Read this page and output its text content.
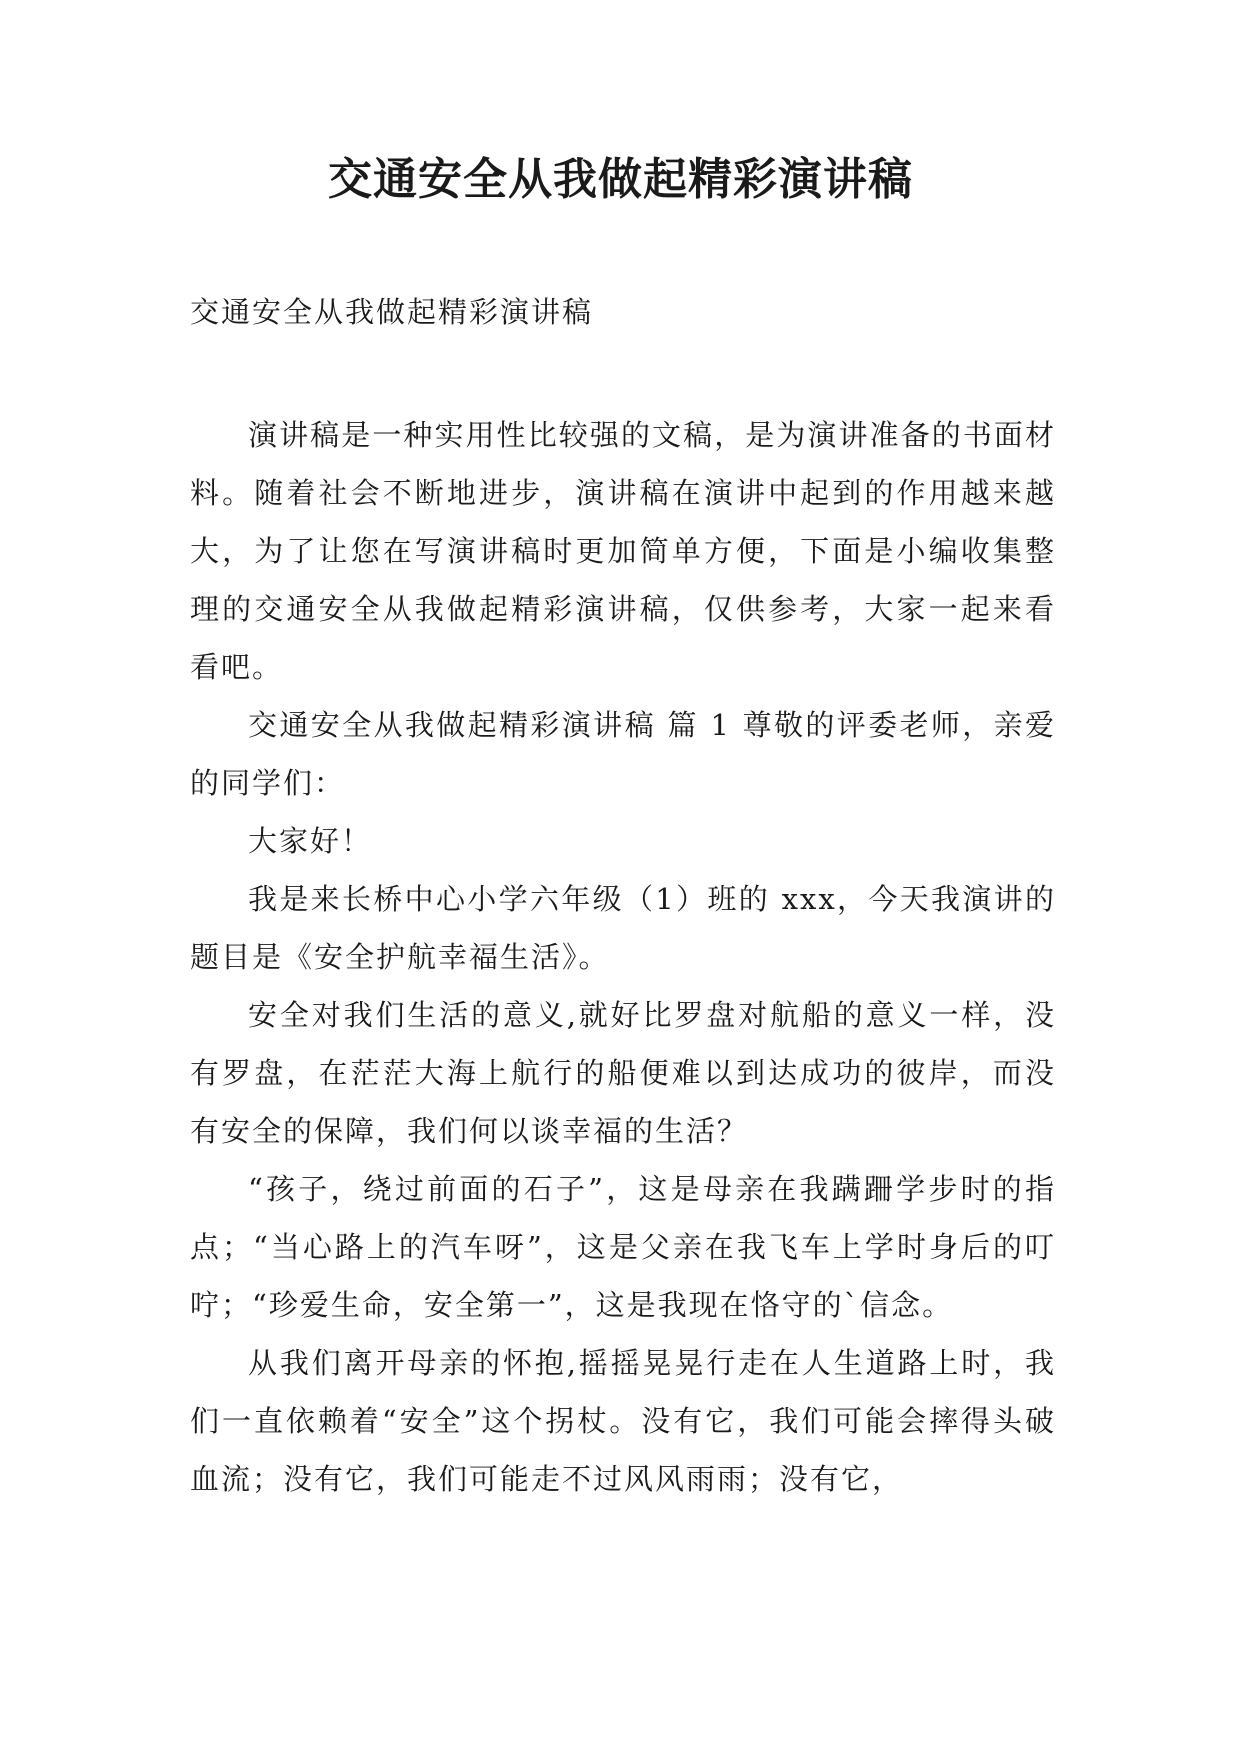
交通安全从我做起精彩演讲稿
交通安全从我做起精彩演讲稿

演讲稿是一种实用性比较强的文稿，是为演讲准备的书面材料。随着社会不断地进步，演讲稿在演讲中起到的作用越来越大，为了让您在写演讲稿时更加简单方便，下面是小编收集整理的交通安全从我做起精彩演讲稿，仅供参考，大家一起来看看吧。

交通安全从我做起精彩演讲稿 篇 1 尊敬的评委老师，亲爱的同学们：

大家好！

我是来长桥中心小学六年级（1）班的 xxx，今天我演讲的题目是《安全护航幸福生活》。

安全对我们生活的意义,就好比罗盘对航船的意义一样，没有罗盘，在茫茫大海上航行的船便难以到达成功的彼岸，而没有安全的保障，我们何以谈幸福的生活？

“孩子，绕过前面的石子”，这是母亲在我蹒跚学步时的指点；“当心路上的汽车呀”，这是父亲在我飞车上学时身后的叮咛；“珍爱生命，安全第一”，这是我现在恪守的`信念。

从我们离开母亲的怀抱,摇摇晃晃行走在人生道路上时，我们一直依赖着“安全”这个拐杖。没有它，我们可能会摔得头破血流；没有它，我们可能走不过风风雨雨；没有它，
